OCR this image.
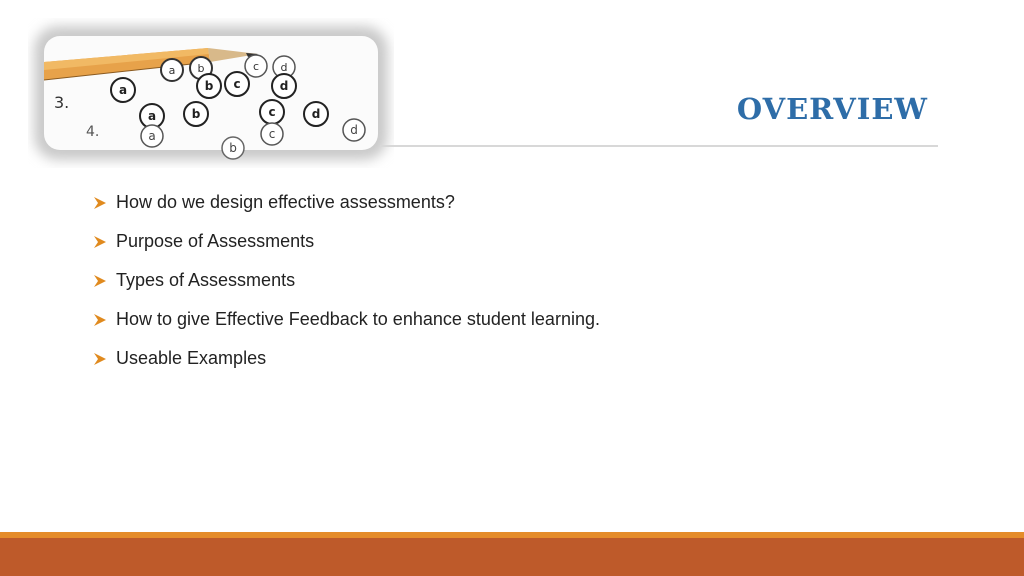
3.
4.
a b	c d
a	b c	d
a	b	c	d
a
b
c	d
overview
How do we design effective assessments?
Purpose of Assessments
Types of Assessments
How to give Effective Feedback to enhance student learning.
Useable Examples
